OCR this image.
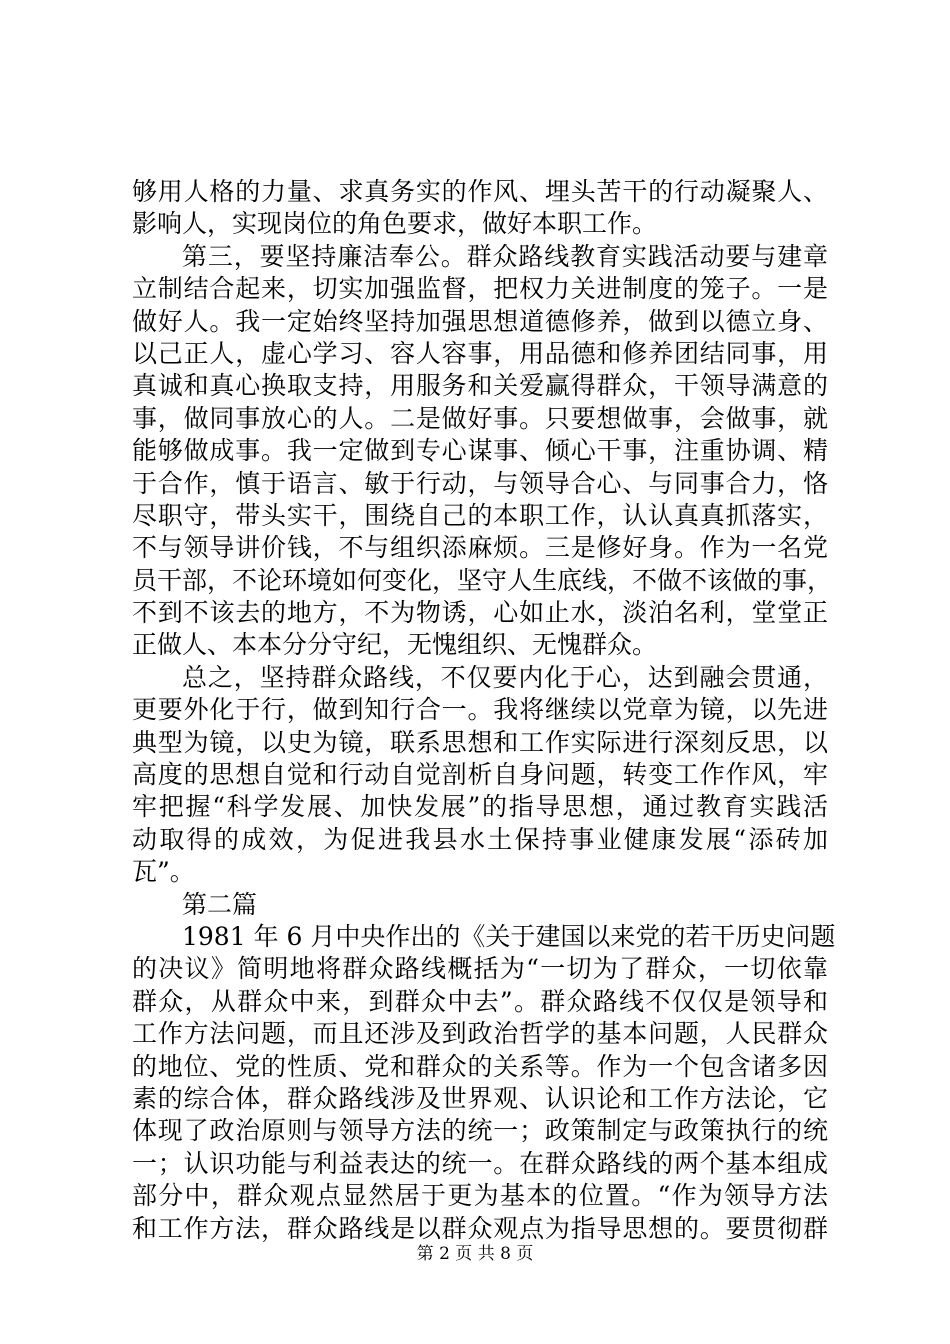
够用人格的力量、求真务实的作风、埋头苦干的行动凝聚人、
影响人，实现岗位的角色要求，做好本职工作。
第三，要坚持廉洁奉公。群众路线教育实践活动要与建章
立制结合起来，切实加强监督，把权力关进制度的笼子。一是
做好人。我一定始终坚持加强思想道德修养，做到以德立身、
以己正人，虚心学习、容人容事，用品德和修养团结同事，用
真诚和真心换取支持，用服务和关爱赢得群众，干领导满意的
事，做同事放心的人。二是做好事。只要想做事，会做事，就
能够做成事。我一定做到专心谋事、倾心干事，注重协调、精
于合作，慎于语言、敏于行动，与领导合心、与同事合力，恪
尽职守，带头实干，围绕自己的本职工作，认认真真抓落实，
不与领导讲价钱，不与组织添麻烦。三是修好身。作为一名党
员干部，不论环境如何变化，坚守人生底线，不做不该做的事，
不到不该去的地方，不为物诱，心如止水，淡泊名利，堂堂正
正做人、本本分分守纪，无愧组织、无愧群众。
总之，坚持群众路线，不仅要内化于心，达到融会贯通，
更要外化于行，做到知行合一。我将继续以党章为镜，以先进
典型为镜，以史为镜，联系思想和工作实际进行深刻反思，以
高度的思想自觉和行动自觉剖析自身问题，转变工作作风，牢
牢把握“科学发展、加快发展”的指导思想，通过教育实践活
动取得的成效，为促进我县水土保持事业健康发展“添砖加
瓦”。
第二篇
1981 年 6 月中央作出的《关于建国以来党的若干历史问题
的决议》简明地将群众路线概括为“一切为了群众，一切依靠
群众，从群众中来，到群众中去”。群众路线不仅仅是领导和
工作方法问题，而且还涉及到政治哲学的基本问题，人民群众
的地位、党的性质、党和群众的关系等。作为一个包含诸多因
素的综合体，群众路线涉及世界观、认识论和工作方法论，它
体现了政治原则与领导方法的统一；政策制定与政策执行的统
一；认识功能与利益表达的统一。在群众路线的两个基本组成
部分中，群众观点显然居于更为基本的位置。“作为领导方法
和工作方法，群众路线是以群众观点为指导思想的。要贯彻群
第 2 页 共 8 页
